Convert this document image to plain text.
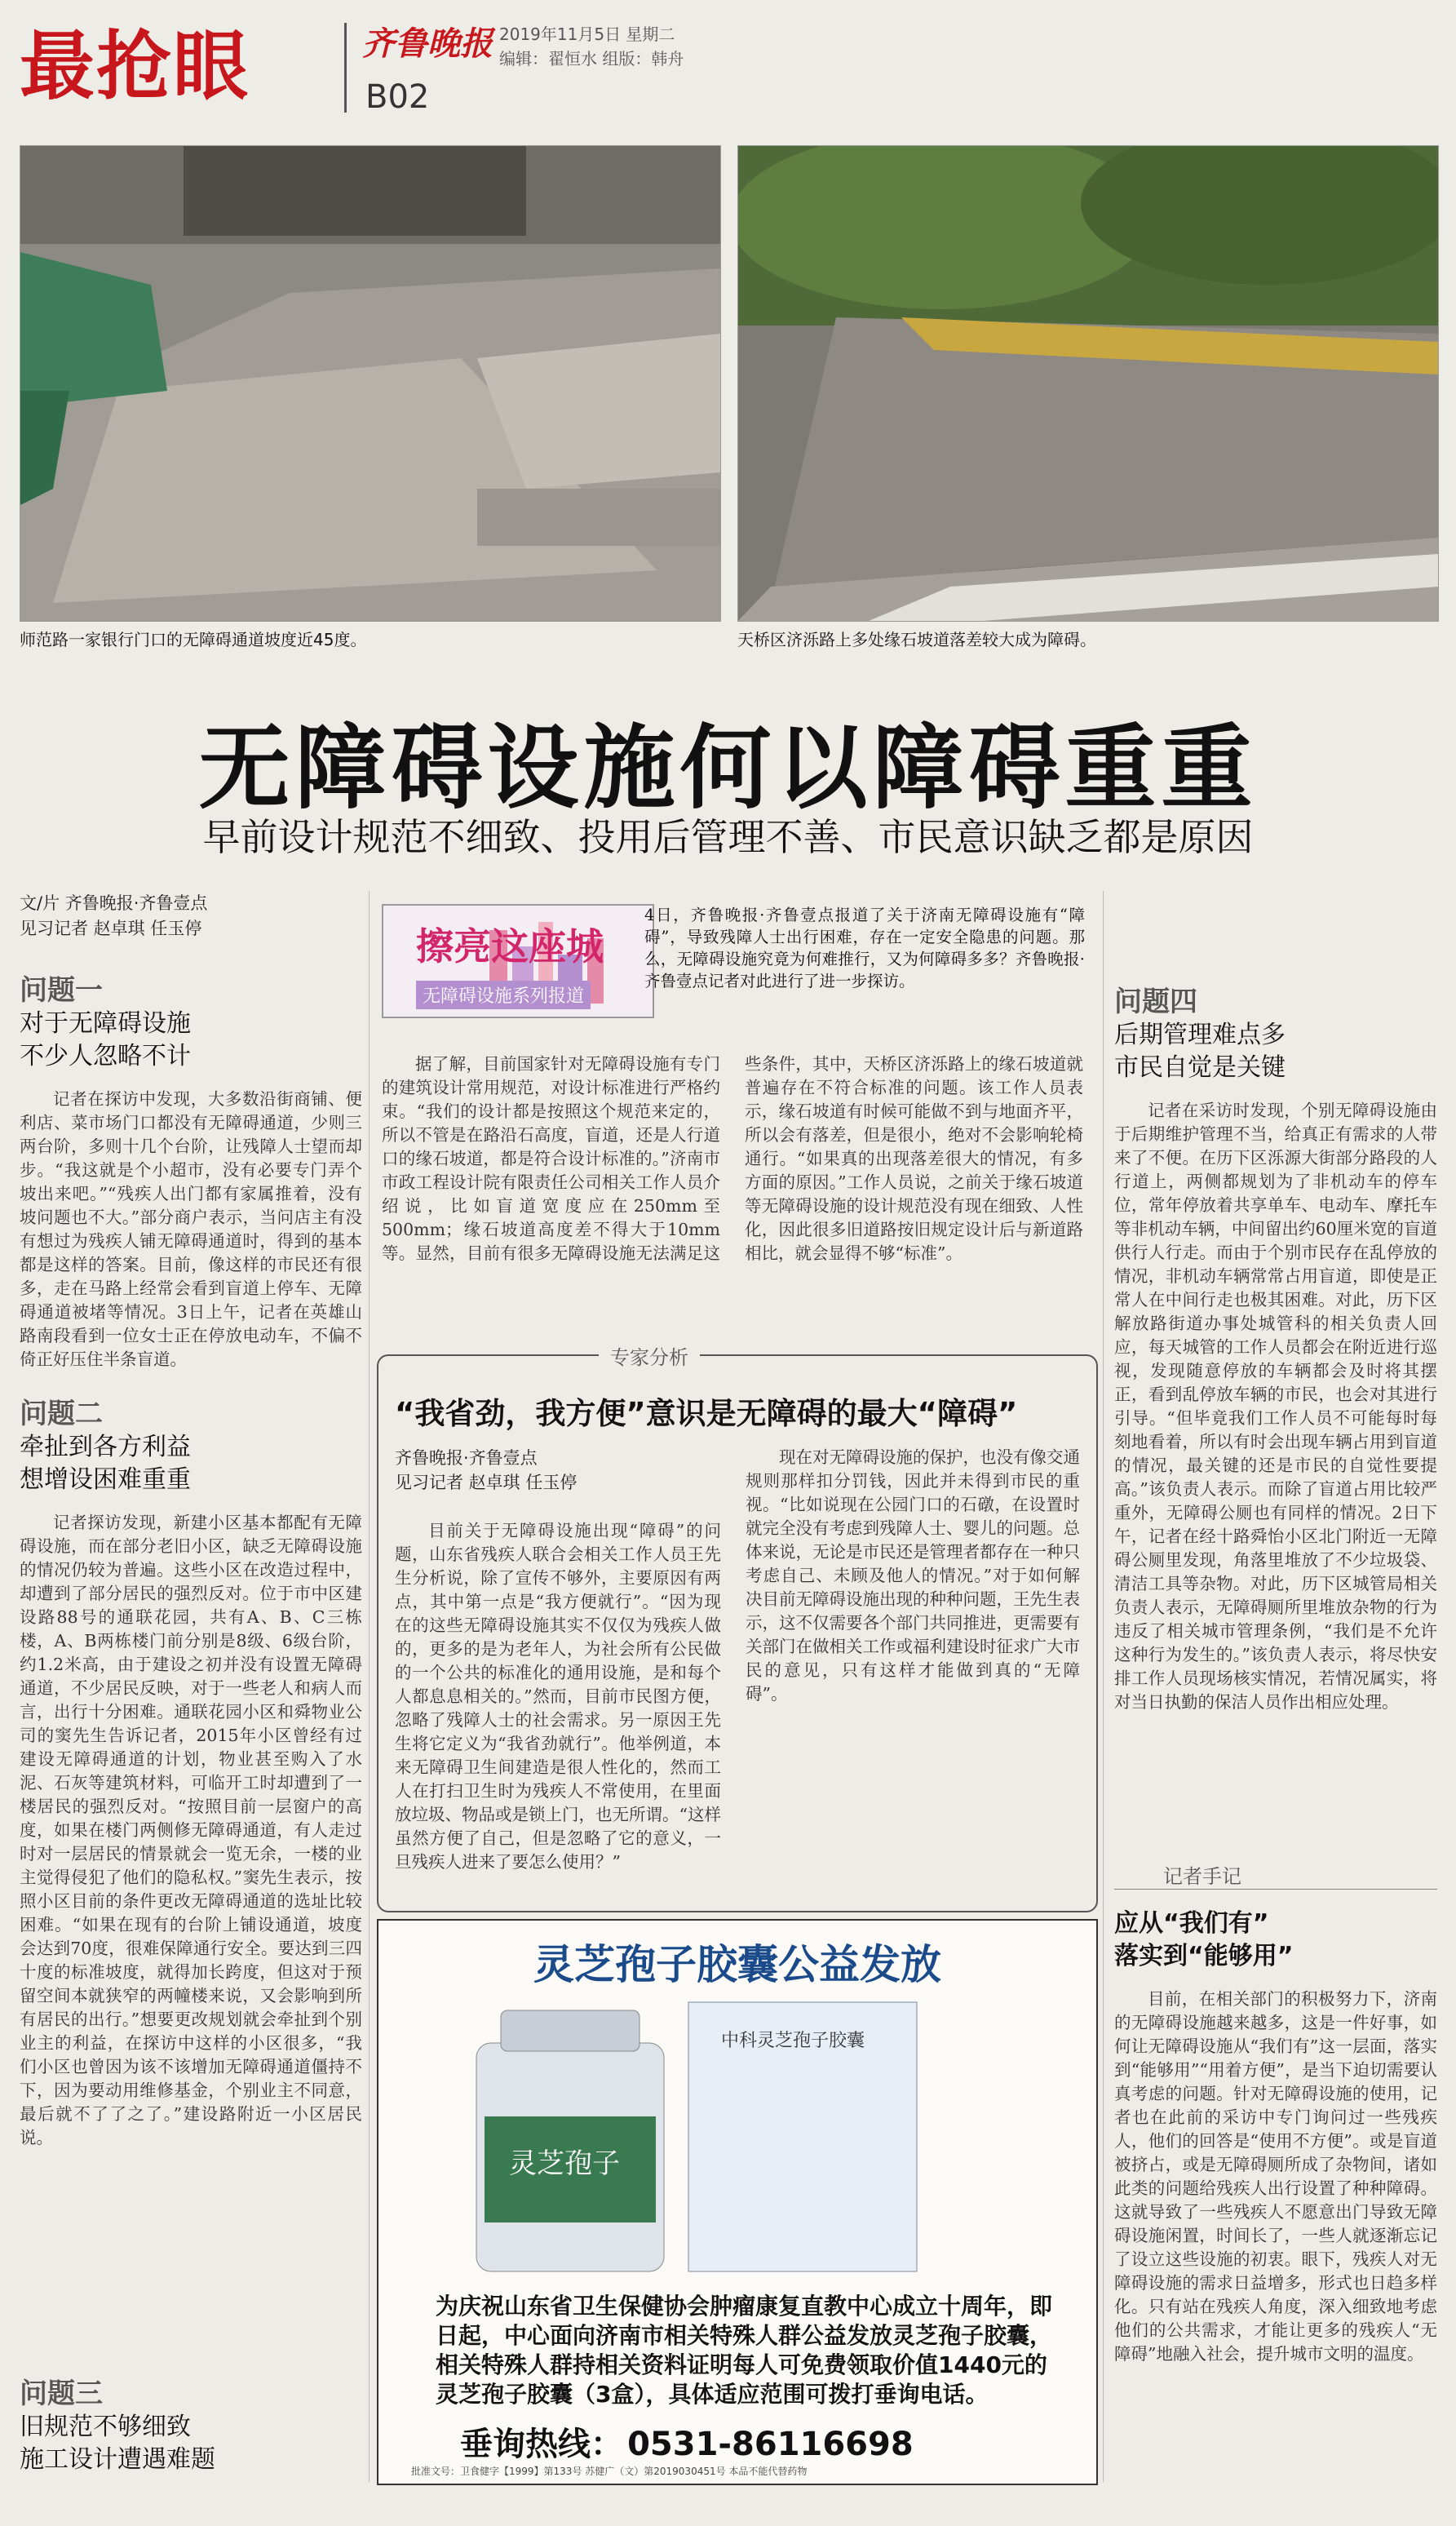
最抢眼	齐鲁晚报 2019年11月5日 星期二
编辑：翟恒水 组版：韩舟
B02
师范路一家银行门口的无障碍通道坡度近45度。	天桥区济泺路上多处缘石坡道落差较大成为障碍。
无障碍设施何以障碍重重
早前设计规范不细致、投用后管理不善、市民意识缺乏都是原因
文/片 齐鲁晚报·齐鲁壹点
见习记者 赵卓琪 任玉停
问题一
对于无障碍设施
不少人忽略不计
记者在探访中发现，大多数沿街商铺、便利店、菜市场门口都没有无障碍通道，少则三两台阶，多则十几个台阶，让残障人士望而却步。“我这就是个小超市，没有必要专门弄个坡出来吧。”“残疾人出门都有家属推着，没有坡问题也不大。”部分商户表示，当问店主有没有想过为残疾人铺无障碍通道时，得到的基本都是这样的答案。目前，像这样的市民还有很多，走在马路上经常会看到盲道上停车、无障碍通道被堵等情况。3日上午，记者在英雄山路南段看到一位女士正在停放电动车，不偏不倚正好压住半条盲道。
问题二
牵扯到各方利益
想增设困难重重
记者探访发现，新建小区基本都配有无障碍设施，而在部分老旧小区，缺乏无障碍设施的情况仍较为普遍。这些小区在改造过程中，却遭到了部分居民的强烈反对。位于市中区建设路88号的通联花园，共有A、B、C三栋楼，A、B两栋楼门前分别是8级、6级台阶，约1.2米高，由于建设之初并没有设置无障碍通道，不少居民反映，对于一些老人和病人而言，出行十分困难。通联花园小区和舜物业公司的窦先生告诉记者，2015年小区曾经有过建设无障碍通道的计划，物业甚至购入了水泥、石灰等建筑材料，可临开工时却遭到了一楼居民的强烈反对。“按照目前一层窗户的高度，如果在楼门两侧修无障碍通道，有人走过时对一层居民的情景就会一览无余，一楼的业主觉得侵犯了他们的隐私权。”窦先生表示，按照小区目前的条件更改无障碍通道的选址比较困难。“如果在现有的台阶上铺设通道，坡度会达到70度，很难保障通行安全。要达到三四十度的标准坡度，就得加长跨度，但这对于预留空间本就狭窄的两幢楼来说，又会影响到所有居民的出行。”想要更改规划就会牵扯到个别业主的利益，在探访中这样的小区很多，“我们小区也曾因为该不该增加无障碍通道僵持不下，因为要动用维修基金，个别业主不同意，最后就不了了之了。”建设路附近一小区居民说。
问题三
旧规范不够细致
施工设计遭遇难题
擦亮这座城
无障碍设施系列报道
4日，齐鲁晚报·齐鲁壹点报道了关于济南无障碍设施有“障碍”，导致残障人士出行困难，存在一定安全隐患的问题。那么，无障碍设施究竟为何难推行，又为何障碍多多？齐鲁晚报·齐鲁壹点记者对此进行了进一步探访。
据了解，目前国家针对无障碍设施有专门的建筑设计常用规范，对设计标准进行严格约束。“我们的设计都是按照这个规范来定的，所以不管是在路沿石高度，盲道，还是人行道口的缘石坡道，都是符合设计标准的。”济南市市政工程设计院有限责任公司相关工作人员介绍说，比如盲道宽度应在250mm至500mm；缘石坡道高度差不得大于10mm等。显然，目前有很多无障碍设施无法满足这些条件，其中，天桥区济泺路上的缘石坡道就普遍存在不符合标准的问题。该工作人员表示，缘石坡道有时候可能做不到与地面齐平，所以会有落差，但是很小，绝对不会影响轮椅通行。“如果真的出现落差很大的情况，有多方面的原因。”工作人员说，之前关于缘石坡道等无障碍设施的设计规范没有现在细致、人性化，因此很多旧道路按旧规定设计后与新道路相比，就会显得不够“标准”。
专家分析
“我省劲，我方便”意识是无障碍的最大“障碍”
齐鲁晚报·齐鲁壹点
见习记者 赵卓琪 任玉停
目前关于无障碍设施出现“障碍”的问题，山东省残疾人联合会相关工作人员王先生分析说，除了宣传不够外，主要原因有两点，其中第一点是“我方便就行”。“因为现在的这些无障碍设施其实不仅仅为残疾人做的，更多的是为老年人，为社会所有公民做的一个公共的标准化的通用设施，是和每个人都息息相关的。”然而，目前市民图方便，忽略了残障人士的社会需求。另一原因王先生将它定义为“我省劲就行”。他举例道，本来无障碍卫生间建造是很人性化的，然而工人在打扫卫生时为残疾人不常使用，在里面放垃圾、物品或是锁上门，也无所谓。“这样虽然方便了自己，但是忽略了它的意义，一旦残疾人进来了要怎么使用？”
现在对无障碍设施的保护，也没有像交通规则那样扣分罚钱，因此并未得到市民的重视。“比如说现在公园门口的石礅，在设置时就完全没有考虑到残障人士、婴儿的问题。总体来说，无论是市民还是管理者都存在一种只考虑自己、未顾及他人的情况。”对于如何解决目前无障碍设施出现的种种问题，王先生表示，这不仅需要各个部门共同推进，更需要有关部门在做相关工作或福利建设时征求广大市民的意见，只有这样才能做到真的“无障碍”。
灵芝孢子胶囊公益发放
中科灵芝孢子胶囊
灵芝孢子
为庆祝山东省卫生保健协会肿瘤康复直教中心成立十周年，即日起，中心面向济南市相关特殊人群公益发放灵芝孢子胶囊，相关特殊人群持相关资料证明每人可免费领取价值1440元的灵芝孢子胶囊（3盒），具体适应范围可拨打垂询电话。
垂询热线： 0531-86116698
批准文号：卫食健字【1999】第133号 苏健广（文）第2019030451号 本品不能代替药物
问题四
后期管理难点多
市民自觉是关键
记者在采访时发现，个别无障碍设施由于后期维护管理不当，给真正有需求的人带来了不便。在历下区泺源大街部分路段的人行道上，两侧都规划为了非机动车的停车位，常年停放着共享单车、电动车、摩托车等非机动车辆，中间留出约60厘米宽的盲道供行人行走。而由于个别市民存在乱停放的情况，非机动车辆常常占用盲道，即使是正常人在中间行走也极其困难。对此，历下区解放路街道办事处城管科的相关负责人回应，每天城管的工作人员都会在附近进行巡视，发现随意停放的车辆都会及时将其摆正，看到乱停放车辆的市民，也会对其进行引导。“但毕竟我们工作人员不可能每时每刻地看着，所以有时会出现车辆占用到盲道的情况，最关键的还是市民的自觉性要提高。”该负责人表示。而除了盲道占用比较严重外，无障碍公厕也有同样的情况。2日下午，记者在经十路舜怡小区北门附近一无障碍公厕里发现，角落里堆放了不少垃圾袋、清洁工具等杂物。对此，历下区城管局相关负责人表示，无障碍厕所里堆放杂物的行为违反了相关城市管理条例，“我们是不允许这种行为发生的。”该负责人表示，将尽快安排工作人员现场核实情况，若情况属实，将对当日执勤的保洁人员作出相应处理。
记者手记
应从“我们有”
落实到“能够用”
目前，在相关部门的积极努力下，济南的无障碍设施越来越多，这是一件好事，如何让无障碍设施从“我们有”这一层面，落实到“能够用”“用着方便”，是当下迫切需要认真考虑的问题。针对无障碍设施的使用，记者也在此前的采访中专门询问过一些残疾人，他们的回答是“使用不方便”。或是盲道被挤占，或是无障碍厕所成了杂物间，诸如此类的问题给残疾人出行设置了种种障碍。这就导致了一些残疾人不愿意出门导致无障碍设施闲置，时间长了，一些人就逐渐忘记了设立这些设施的初衷。眼下，残疾人对无障碍设施的需求日益增多，形式也日趋多样化。只有站在残疾人角度，深入细致地考虑他们的公共需求，才能让更多的残疾人“无障碍”地融入社会，提升城市文明的温度。
